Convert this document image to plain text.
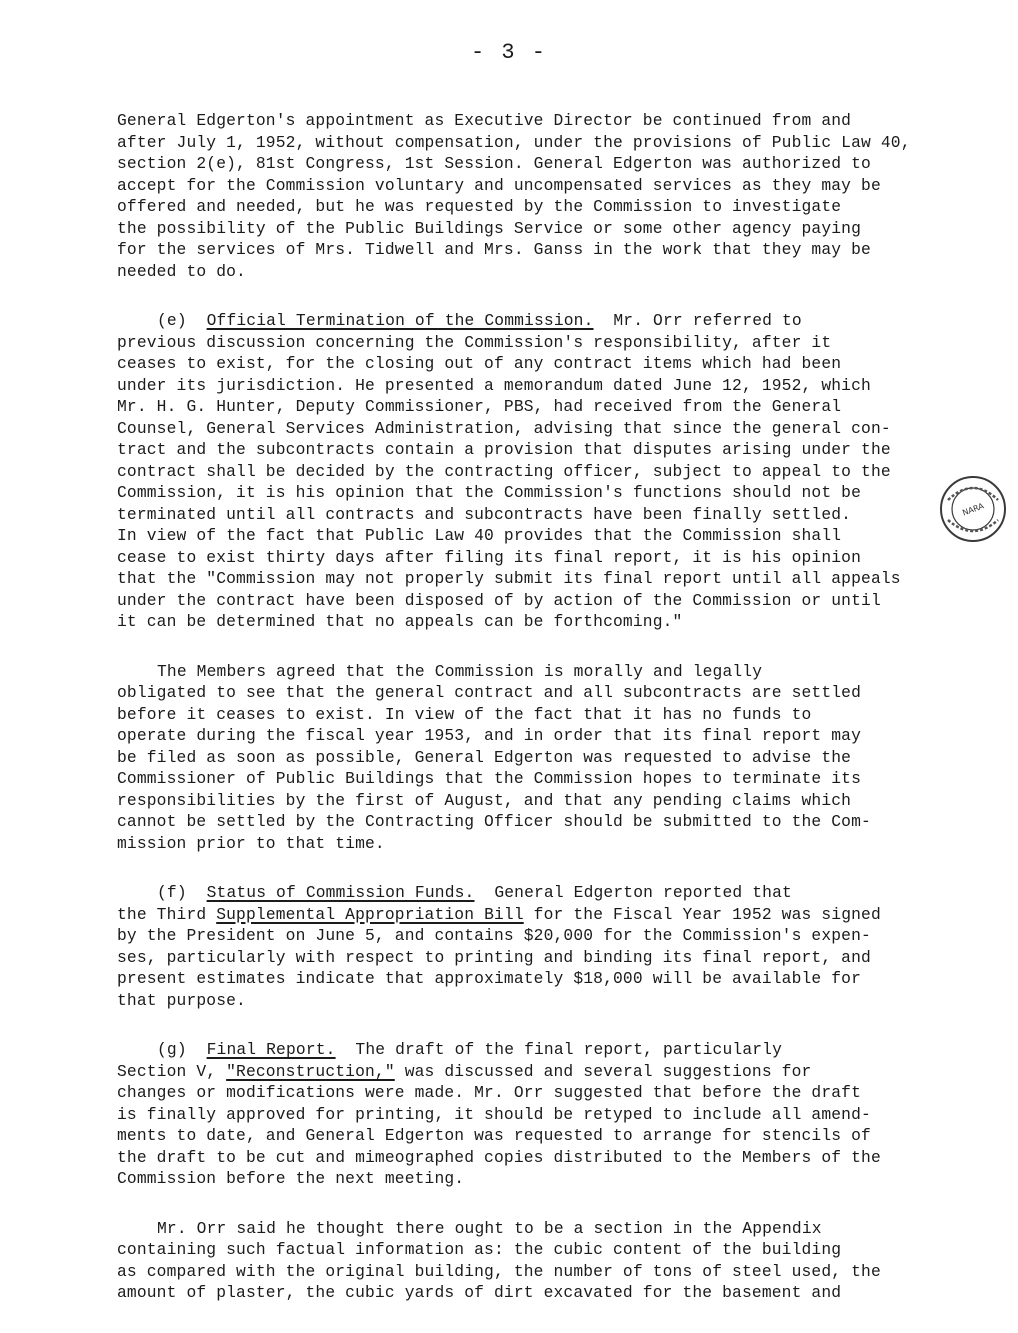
- 3 -
General Edgerton's appointment as Executive Director be continued from and
after July 1, 1952, without compensation, under the provisions of Public Law 40,
section 2(e), 81st Congress, 1st Session. General Edgerton was authorized to
accept for the Commission voluntary and uncompensated services as they may be
offered and needed, but he was requested by the Commission to investigate
the possibility of the Public Buildings Service or some other agency paying
for the services of Mrs. Tidwell and Mrs. Ganss in the work that they may be
needed to do.
(e) Official Termination of the Commission. Mr. Orr referred to
previous discussion concerning the Commission's responsibility, after it
ceases to exist, for the closing out of any contract items which had been
under its jurisdiction. He presented a memorandum dated June 12, 1952, which
Mr. H. G. Hunter, Deputy Commissioner, PBS, had received from the General
Counsel, General Services Administration, advising that since the general con-
tract and the subcontracts contain a provision that disputes arising under the
contract shall be decided by the contracting officer, subject to appeal to the
Commission, it is his opinion that the Commission's functions should not be
terminated until all contracts and subcontracts have been finally settled.
In view of the fact that Public Law 40 provides that the Commission shall
cease to exist thirty days after filing its final report, it is his opinion
that the "Commission may not properly submit its final report until all appeals
under the contract have been disposed of by action of the Commission or until
it can be determined that no appeals can be forthcoming."
The Members agreed that the Commission is morally and legally
obligated to see that the general contract and all subcontracts are settled
before it ceases to exist. In view of the fact that it has no funds to
operate during the fiscal year 1953, and in order that its final report may
be filed as soon as possible, General Edgerton was requested to advise the
Commissioner of Public Buildings that the Commission hopes to terminate its
responsibilities by the first of August, and that any pending claims which
cannot be settled by the Contracting Officer should be submitted to the Com-
mission prior to that time.
(f) Status of Commission Funds. General Edgerton reported that
the Third Supplemental Appropriation Bill for the Fiscal Year 1952 was signed
by the President on June 5, and contains $20,000 for the Commission's expen-
ses, particularly with respect to printing and binding its final report, and
present estimates indicate that approximately $18,000 will be available for
that purpose.
(g) Final Report. The draft of the final report, particularly
Section V, "Reconstruction," was discussed and several suggestions for
changes or modifications were made. Mr. Orr suggested that before the draft
is finally approved for printing, it should be retyped to include all amend-
ments to date, and General Edgerton was requested to arrange for stencils of
the draft to be cut and mimeographed copies distributed to the Members of the
Commission before the next meeting.
Mr. Orr said he thought there ought to be a section in the Appendix
containing such factual information as: the cubic content of the building
as compared with the original building, the number of tons of steel used, the
amount of plaster, the cubic yards of dirt excavated for the basement and
NARA
